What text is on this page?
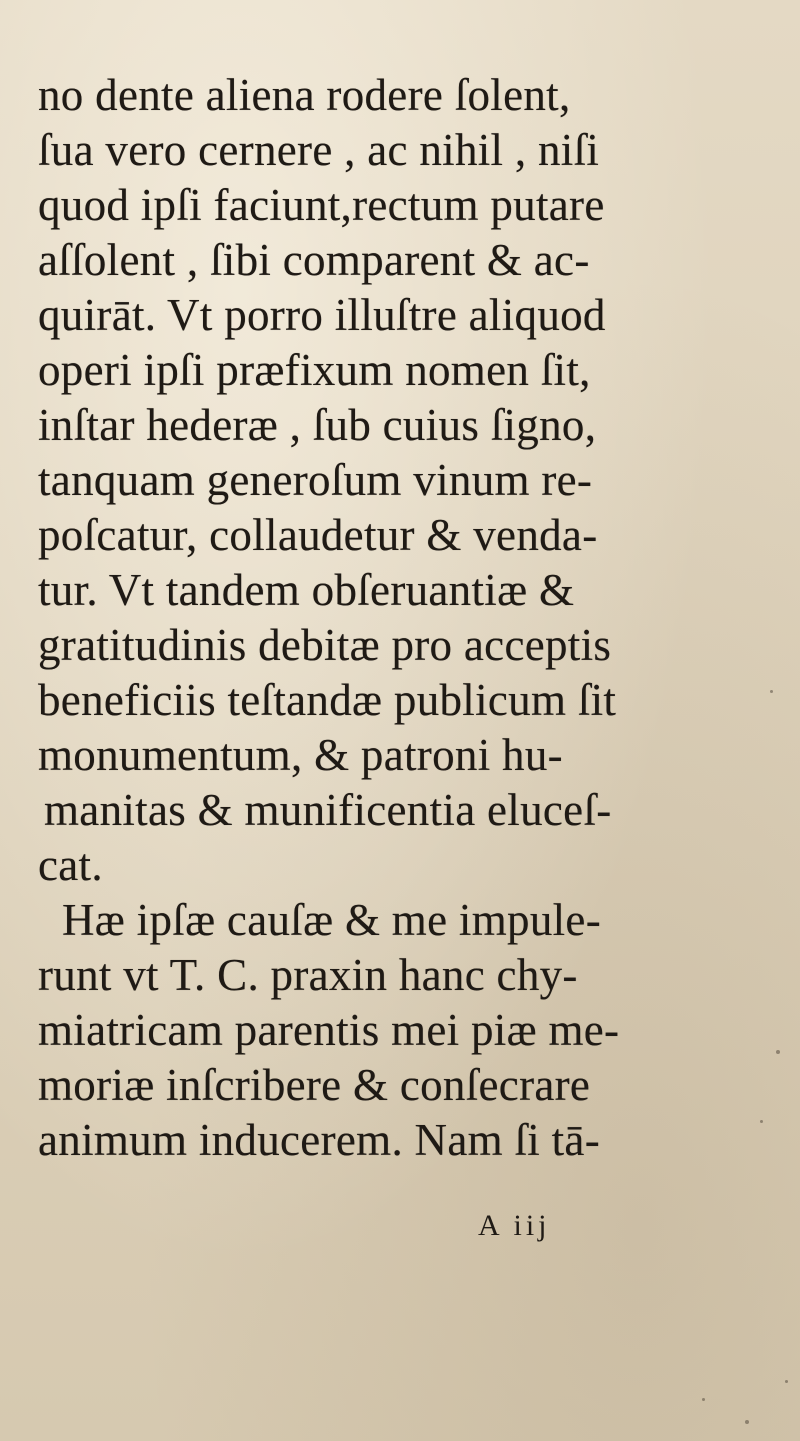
no dente aliena rodere ſolent,
ſua vero cernere , ac nihil , niſi
quod ipſi faciunt,rectum putare
aſſolent , ſibi comparent & ac-
quirāt. Vt porro illuſtre aliquod
operi ipſi præfixum nomen ſit,
inſtar hederæ , ſub cuius ſigno,
tanquam generoſum vinum re-
poſcatur, collaudetur & venda-
tur. Vt tandem obſeruantiæ &
gratitudinis debitæ pro acceptis
beneficiis teſtandæ publicum ſit
monumentum, & patroni hu-
manitas & munificentia eluceſ-
cat.
Hæ ipſæ cauſæ & me impule-
runt vt T. C. praxin hanc chy-
miatricam parentis mei piæ me-
moriæ inſcribere & conſecrare
animum inducerem. Nam ſi tā-
A iij
